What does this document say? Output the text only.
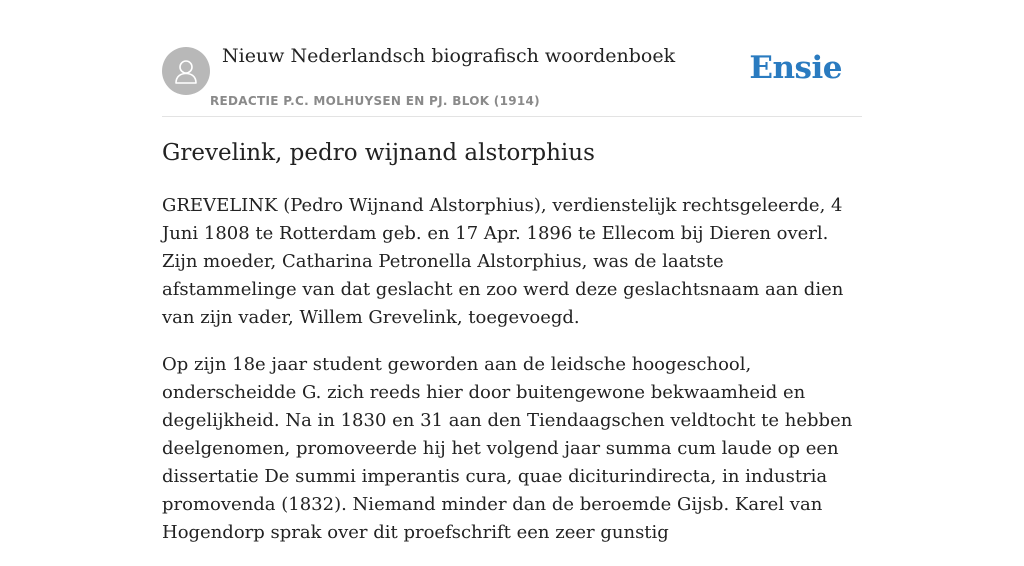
Nieuw Nederlandsch biografisch woordenboek
REDACTIE P.C. MOLHUYSEN EN PJ. BLOK (1914)
Ensie
Grevelink, pedro wijnand alstorphius

GREVELINK (Pedro Wijnand Alstorphius), verdienstelijk rechtsgeleerde, 4 Juni 1808 te Rotterdam geb. en 17 Apr. 1896 te Ellecom bij Dieren overl. Zijn moeder, Catharina Petronella Alstorphius, was de laatste afstammelinge van dat geslacht en zoo werd deze geslachtsnaam aan dien van zijn vader, Willem Grevelink, toegevoegd.

Op zijn 18e jaar student geworden aan de leidsche hoogeschool, onderscheidde G. zich reeds hier door buitengewone bekwaamheid en degelijkheid. Na in 1830 en 31 aan den Tiendaagschen veldtocht te hebben deelgenomen, promoveerde hij het volgend jaar summa cum laude op een dissertatie De summi imperantis cura, quae diciturindirecta, in industria promovenda (1832). Niemand minder dan de beroemde Gijsb. Karel van Hogendorp sprak over dit proefschrift een zeer gunstig
